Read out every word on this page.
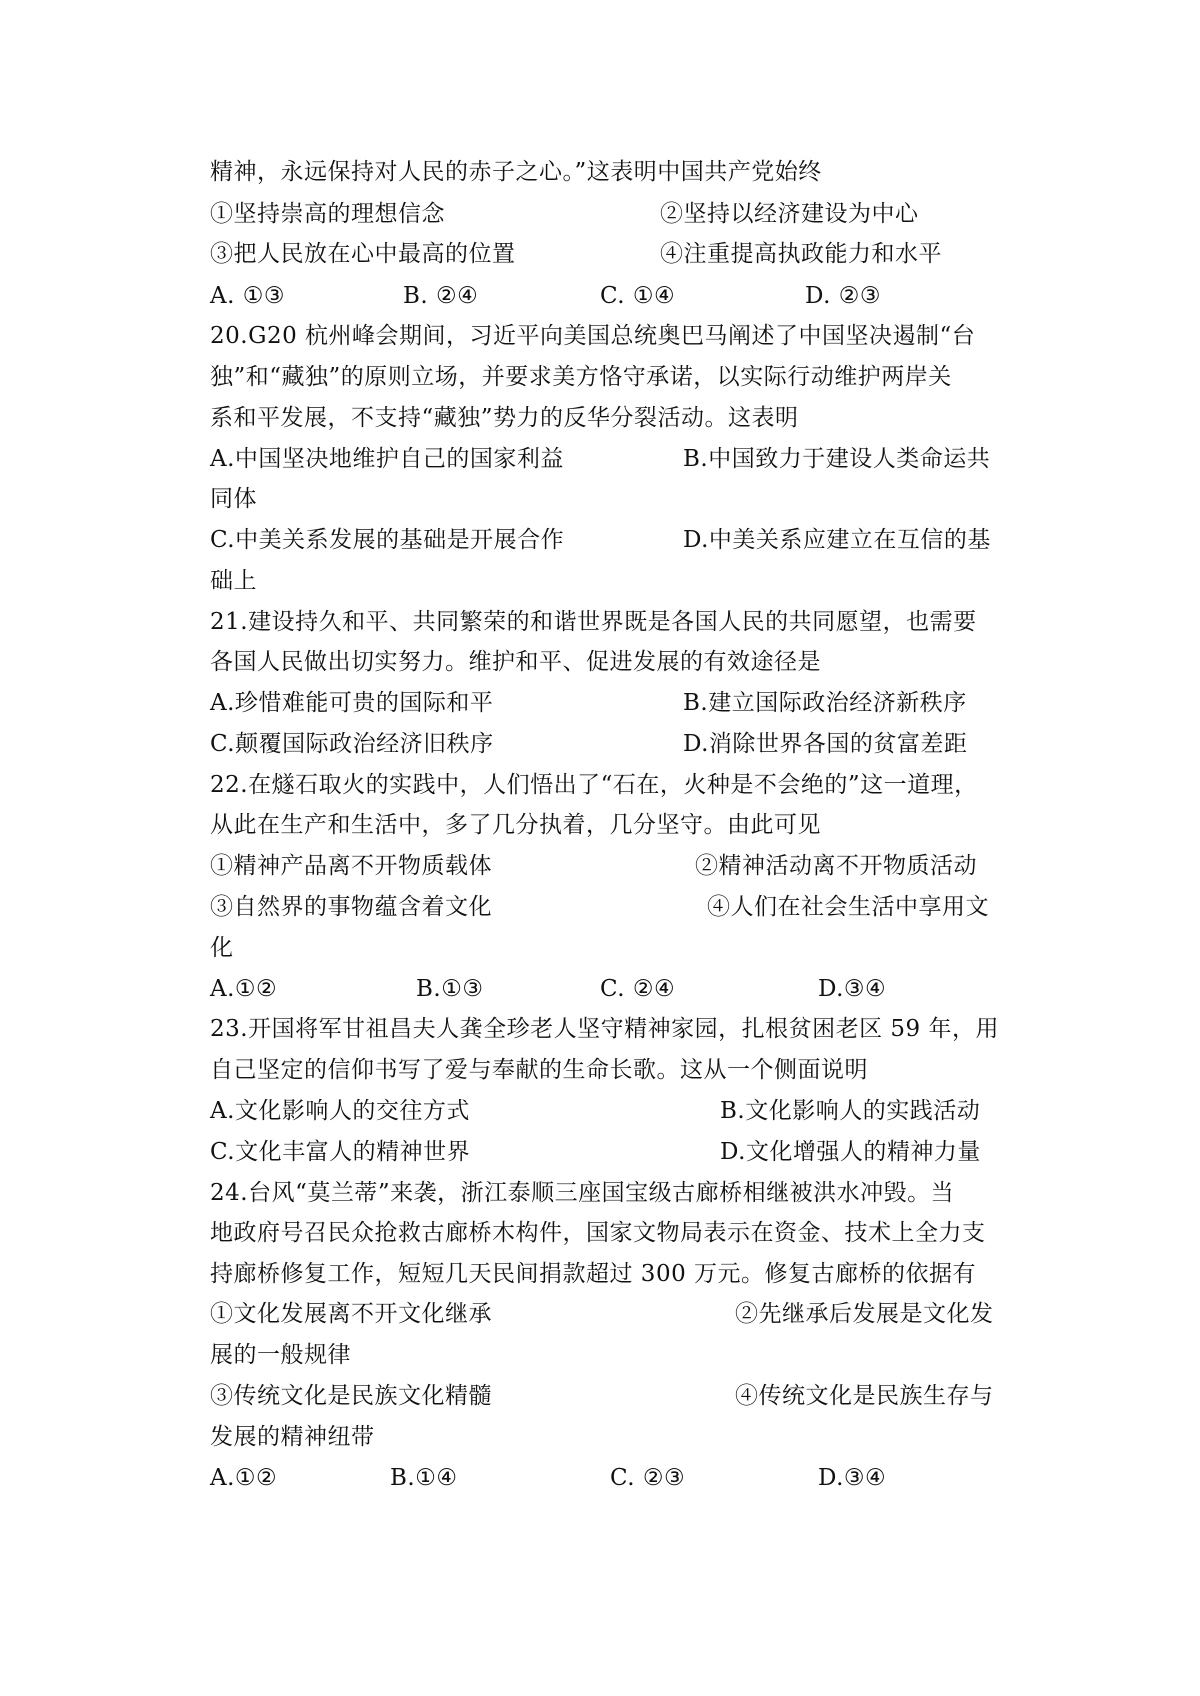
精神，永远保持对人民的赤子之心。”这表明中国共产党始终
①坚持崇高的理想信念	②坚持以经济建设为中心
③把人民放在心中最高的位置	④注重提高执政能力和水平
A. ①③	B. ②④	C. ①④	D. ②③
20.G20 杭州峰会期间，习近平向美国总统奥巴马阐述了中国坚决遏制“台
独”和“藏独”的原则立场，并要求美方恪守承诺，以实际行动维护两岸关
系和平发展，不支持“藏独”势力的反华分裂活动。这表明
A.中国坚决地维护自己的国家利益	B.中国致力于建设人类命运共
同体
C.中美关系发展的基础是开展合作	D.中美关系应建立在互信的基
础上
21.建设持久和平、共同繁荣的和谐世界既是各国人民的共同愿望，也需要
各国人民做出切实努力。维护和平、促进发展的有效途径是
A.珍惜难能可贵的国际和平	B.建立国际政治经济新秩序
C.颠覆国际政治经济旧秩序	D.消除世界各国的贫富差距
22.在燧石取火的实践中，人们悟出了“石在，火种是不会绝的”这一道理，
从此在生产和生活中，多了几分执着，几分坚守。由此可见
①精神产品离不开物质载体	②精神活动离不开物质活动
③自然界的事物蕴含着文化	④人们在社会生活中享用文
化
A.①②	B.①③	C. ②④	D.③④
23.开国将军甘祖昌夫人龚全珍老人坚守精神家园，扎根贫困老区 59 年，用
自己坚定的信仰书写了爱与奉献的生命长歌。这从一个侧面说明
A.文化影响人的交往方式	B.文化影响人的实践活动
C.文化丰富人的精神世界	D.文化增强人的精神力量
24.台风“莫兰蒂”来袭，浙江泰顺三座国宝级古廊桥相继被洪水冲毁。当
地政府号召民众抢救古廊桥木构件，国家文物局表示在资金、技术上全力支
持廊桥修复工作，短短几天民间捐款超过 300 万元。修复古廊桥的依据有
①文化发展离不开文化继承	②先继承后发展是文化发
展的一般规律
③传统文化是民族文化精髓	④传统文化是民族生存与
发展的精神纽带
A.①②	B.①④	C. ②③	D.③④
